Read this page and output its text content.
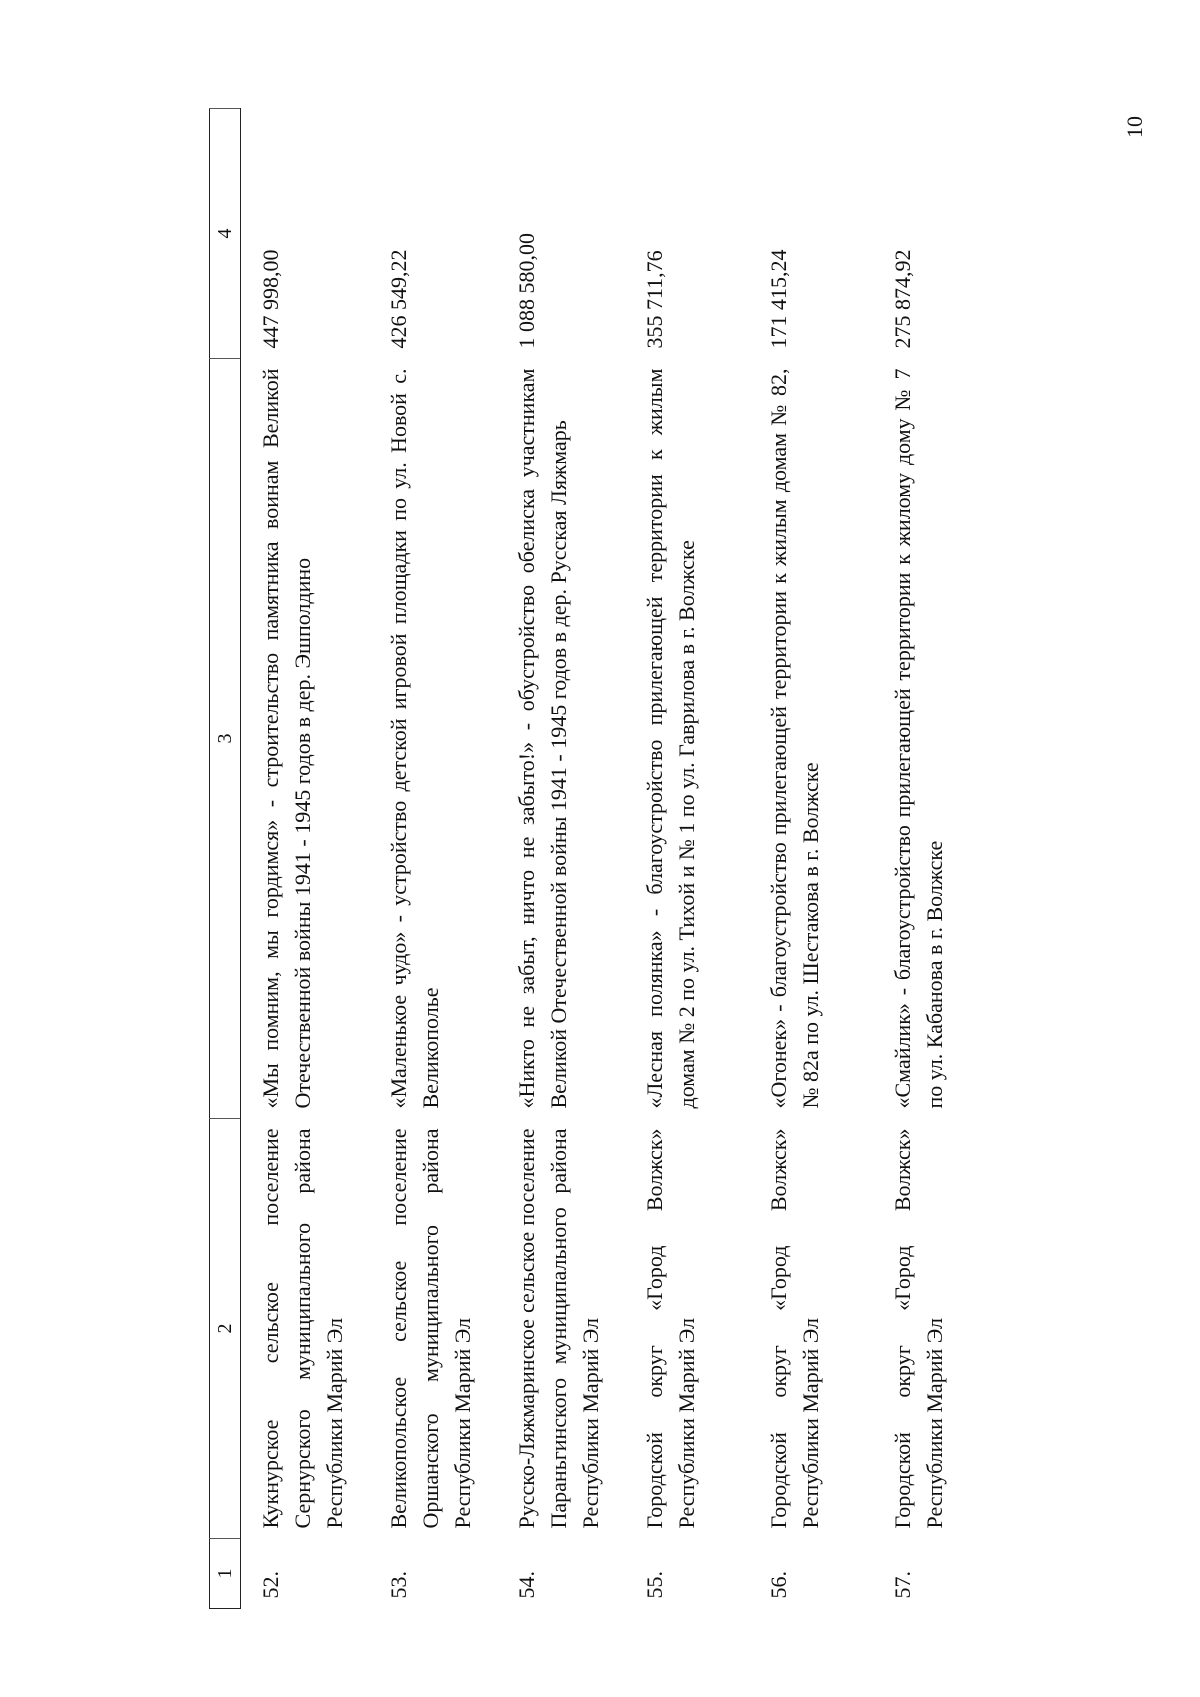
10
1	2	3	4
52.	Кукнурское сельское поселение Сернурского муниципального района Республики Марий Эл	«Мы помним, мы гордимся» - строительство памятника воинам Великой Отечественной войны 1941 - 1945 годов в дер. Эшполдино	447 998,00
53.	Великопольское сельское поселение Оршанского муниципального района Республики Марий Эл	«Маленькое чудо» - устройство детской игровой площадки по ул. Новой с. Великополье	426 549,22
54.	Русско-Ляжмаринское сельское поселение Параньгинского муниципального района Республики Марий Эл	«Никто не забыт, ничто не забыто!» - обустройство обелиска участникам Великой Отечественной войны 1941 - 1945 годов в дер. Русская Ляжмарь	1 088 580,00
55.	Городской округ «Город Волжск» Республики Марий Эл	«Лесная полянка» - благоустройство прилегающей территории к жилым домам № 2 по ул. Тихой и № 1 по ул. Гаврилова в г. Волжске	355 711,76
56.	Городской округ «Город Волжск» Республики Марий Эл	«Огонек» - благоустройство прилегающей территории к жилым домам № 82, № 82а по ул. Шестакова в г. Волжске	171 415,24
57.	Городской округ «Город Волжск» Республики Марий Эл	«Смайлик» - благоустройство прилегающей территории к жилому дому № 7 по ул. Кабанова в г. Волжске	275 874,92
